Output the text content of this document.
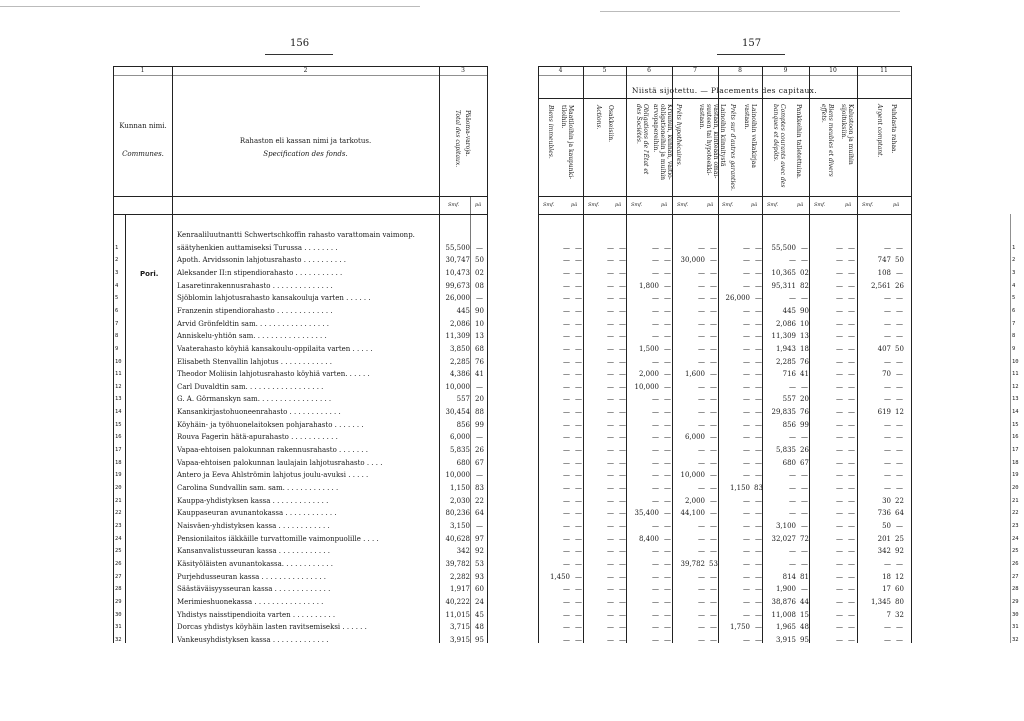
156	157
1	2	3	4	5	6	7	8	9	10	11
Kunnan nimi.
Communes.
Rahaston eli kassan nimi ja tarkotus.
Specification des fonds.	Pääoma-varoja.
Total des capitaux.
Niistä sijotettu. — Placements des capitaux.
Maatiloihin ja kaupunki-
tiloihin.
Biens immeubles.	Osakkeisiin.
Actions.	Kruunun, kunnan, valtio-
obligationeihin ja muihin
arvopapereihin.
Obligations de l'État et
des Sociétés.	Lainoihin kiinnitystä
vastaan, kiinteään omai-
suuteen tai hypoteekki-
vastaan.
Prêts hypothécaires.	Lainoihin velkakirjaa
vastaan.
Prêts sur d'autres garanties.	Pankkeihin talletettuina.
Comptes courants avec des
banques et dépôts.
Kalustoon ja muihin
sijoituksiin.
Biens meubles et divers
effets.	Puhdasta rahaa.
Argent comptant.
Smf.	pä	Smf.	pä Smf.	pä Smf.	pä Smf.	pä Smf.	pä Smf.	pä Smf.	pä Smf.	pä
Pori.
Kenraaliluutnantti Schwertschkoffin rahasto varattomain vaimonp.
1	säätyhenkien auttamiseksi Turussa . . . . . . . .	55,500 —	— —	— —	— —	— —	— —	55,500 —	— —	— —	1
2	Apoth. Arvidssonin lahjotusrahasto . . . . . . . . . .	30,747 50	— —	— —	— —	30,000 —	— —	— —	— —	747 50	2
3	Aleksander II:n stipendiorahasto . . . . . . . . . . .	10,473 02	— —	— —	— —	— —	— —	10,365 02	— —	108 —	3
4	Lasaretinrakennusrahasto . . . . . . . . . . . . . .	99,673 08	— —	— —	1,800 —	— —	— —	95,311 82	— —	2,561 26	4
5	Sjöblomin lahjotusrahasto kansakouluja varten . . . . . .	26,000 —	— —	— —	— —	— —	26,000 —	— —	— —	— —	5
6	Franzenin stipendiorahasto . . . . . . . . . . . . .	445 90	— —	— —	— —	— —	— —	445 90	— —	— —	6
7	Arvid Grönfeldtin sam. . . . . . . . . . . . . . . . .	2,086 10	— —	— —	— —	— —	— —	2,086 10	— —	— —	7
8	Anniskelu-yhtiön sam. . . . . . . . . . . . . . . . .	11,309 13	— —	— —	— —	— —	— —	11,309 13	— —	— —	8
9	Vaaterahasto köyhiä kansakoulu-oppilaita varten . . . . .	3,850 68	— —	— —	1,500 —	— —	— —	1,943 18	— —	407 50	9
10	Elisabeth Stenvallin lahjotus . . . . . . . . . . . .	2,285 76	— —	— —	— —	— —	— —	2,285 76	— —	— —	10
11	Theodor Moliisin lahjotusrahasto köyhiä varten. . . . . .	4,386 41	— —	— —	2,000 —	1,600 —	— —	716 41	— —	70 —	11
12	Carl Duvaldtin sam. . . . . . . . . . . . . . . . . .	10,000 —	— —	— —	10,000 —	— —	— —	— —	— —	— —	12
13	G. A. Görmanskyn sam. . . . . . . . . . . . . . . . .	557 20	— —	— —	— —	— —	— —	557 20	— —	— —	13
14	Kansankirjastohuoneenrahasto . . . . . . . . . . . .	30,454 88	— —	— —	— —	— —	— —	29,835 76	— —	619 12	14
15	Köyhäin- ja työhuonelaitoksen pohjarahasto . . . . . . .	856 99	— —	— —	— —	— —	— —	856 99	— —	— —	15
16	Rouva Fagerin hätä-apurahasto . . . . . . . . . . .	6,000 —	— —	— —	— —	6,000 —	— —	— —	— —	— —	16
17	Vapaa-ehtoisen palokunnan rakennusrahasto . . . . . . .	5,835 26	— —	— —	— —	— —	— —	5,835 26	— —	— —	17
18	Vapaa-ehtoisen palokunnan laulajain lahjotusrahasto . . . .	680 67	— —	— —	— —	— —	— —	680 67	— —	— —	18
19	Antero ja Eeva Ahlströmin lahjotus joulu-avuksi . . . . .	10,000 —	— —	— —	— —	10,000 —	— —	— —	— —	— —	19
20	Carolina Sundvallin sam. sam. . . . . . . . . . . . .	1,150 83	— —	— —	— —	— —	1,150 83	— —	— —	— —	20
21	Kauppa-yhdistyksen kassa . . . . . . . . . . . . .	2,030 22	— —	— —	— —	2,000 —	— —	— —	— —	30 22	21
22	Kauppaseuran avunantokassa . . . . . . . . . . . .	80,236 64	— —	— —	35,400 —	44,100 —	— —	— —	— —	736 64	22
23	Naisväen-yhdistyksen kassa . . . . . . . . . . . .	3,150 —	— —	— —	— —	— —	— —	3,100 —	— —	50 —	23
24	Pensionilaitos iäkkäille turvattomille vaimonpuolille . . . .	40,628 97	— —	— —	8,400 —	— —	— —	32,027 72	— —	201 25	24
25	Kansanvalistusseuran kassa . . . . . . . . . . . .	342 92	— —	— —	— —	— —	— —	— —	— —	342 92	25
26	Käsityöläisten avunantokassa. . . . . . . . . . . .	39,782 53	— —	— —	— —	39,782 53	— —	— —	— —	— —	26
27	Purjehdusseuran kassa . . . . . . . . . . . . . . .	2,282 93	1,450 —	— —	— —	— —	— —	814 81	— —	18 12	27
28	Säästäväisyysseuran kassa . . . . . . . . . . . . .	1,917 60	— —	— —	— —	— —	— —	1,900 —	— —	17 60	28
29	Merimieshuonekassa . . . . . . . . . . . . . . . .	40,222 24	— —	— —	— —	— —	— —	38,876 44	— —	1,345 80	29
30	Yhdistys naisstipendioita varten . . . . . . . . . .	11,015 45	— —	— —	— —	— —	— —	11,008 15	— —	7 32	30
31	Dorcas yhdistys köyhäin lasten ravitsemiseksi . . . . . .	3,715 48	— —	— —	— —	— —	1,750 —	1,965 48	— —	— —	31
32	Vankeusyhdistyksen kassa . . . . . . . . . . . . .	3,915 95	— —	— —	— —	— —	— —	3,915 95	— —	— —	32
